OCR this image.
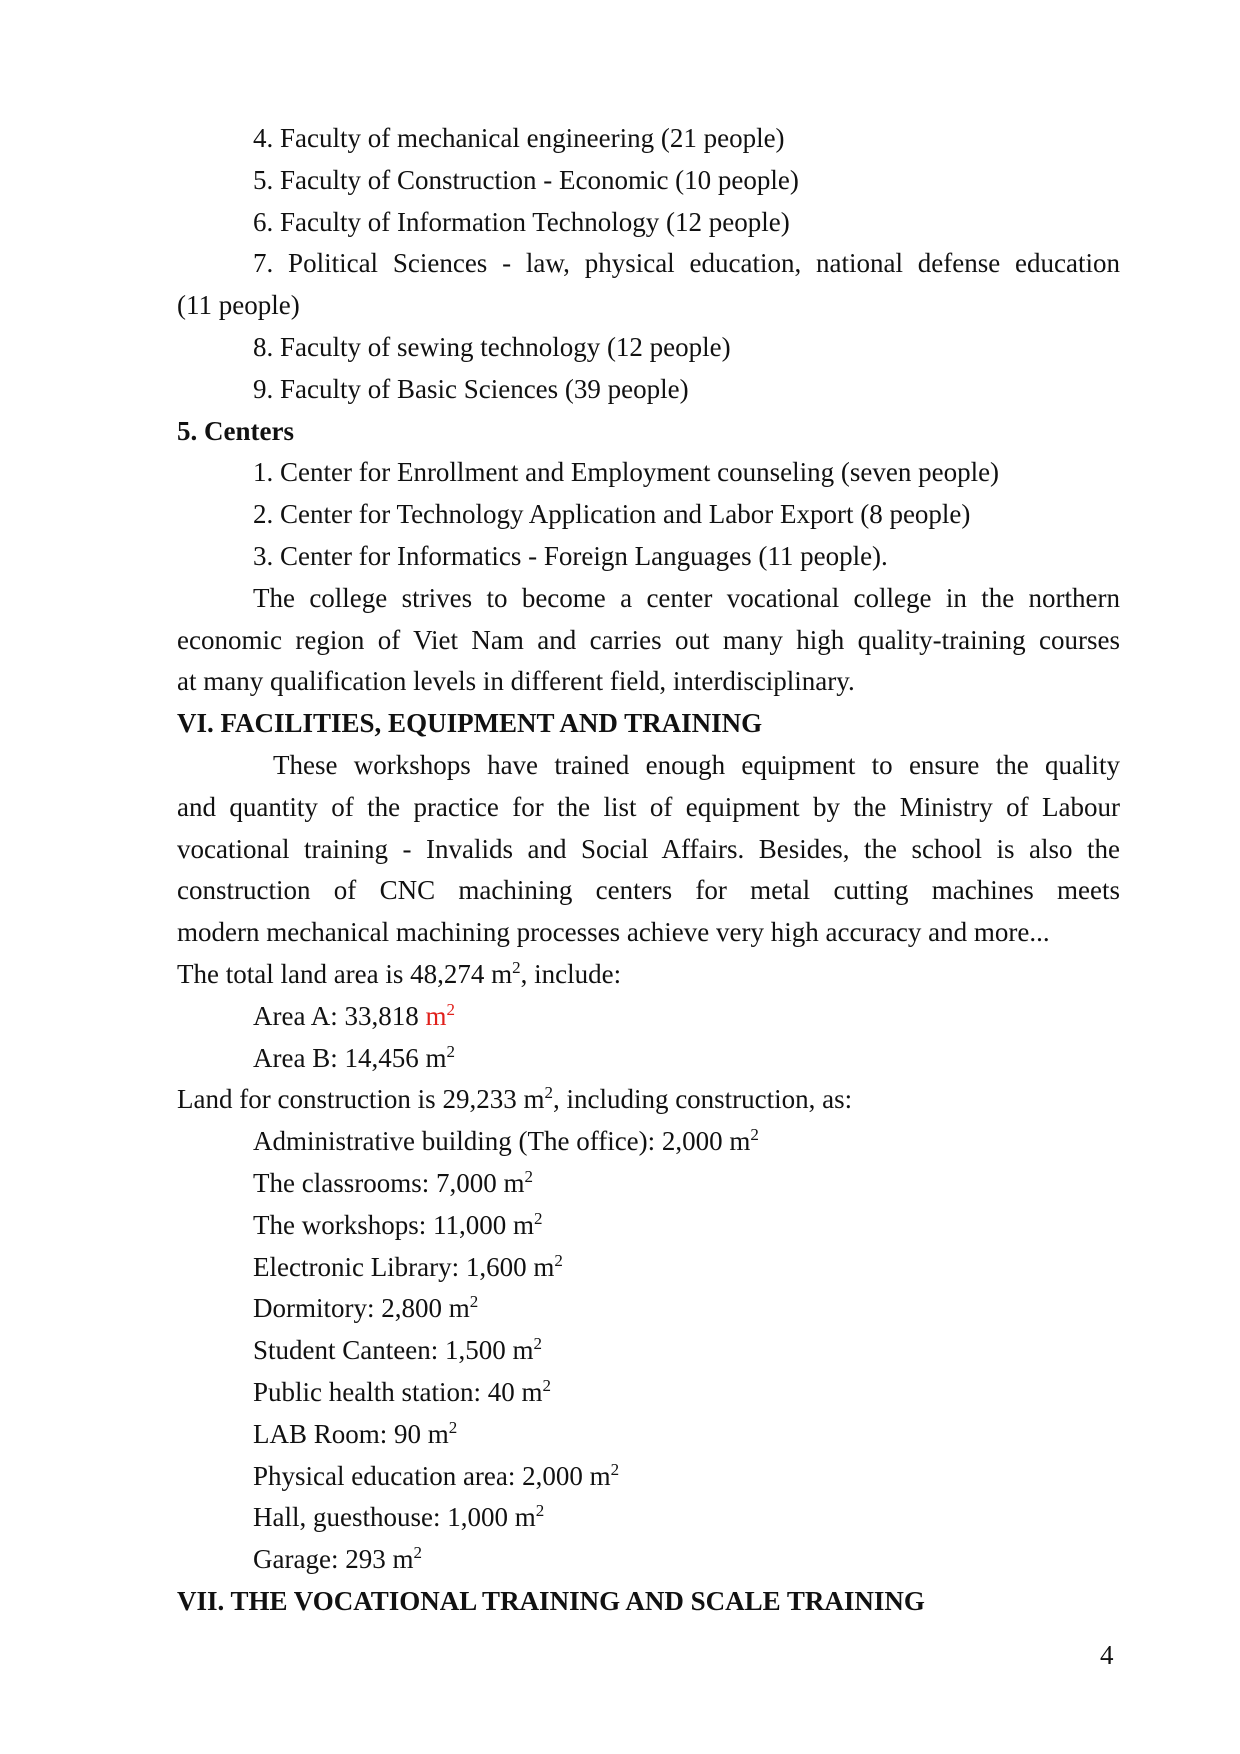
4. Faculty of mechanical engineering (21 people)
5. Faculty of Construction - Economic (10 people)
6. Faculty of Information Technology (12 people)
7. Political Sciences - law, physical education, national defense education
(11 people)
8. Faculty of sewing technology (12 people)
9. Faculty of Basic Sciences (39 people)
5. Centers
1. Center for Enrollment and Employment counseling (seven people)
2. Center for Technology Application and Labor Export (8 people)
3. Center for Informatics - Foreign Languages (11 people).
The college strives to become a center vocational college in the northern
economic region of Viet Nam and carries out many high quality-training courses
at many qualification levels in different field, interdisciplinary.
VI. FACILITIES, EQUIPMENT AND TRAINING
These workshops have trained enough equipment to ensure the quality
and quantity of the practice for the list of equipment by the Ministry of Labour
vocational training - Invalids and Social Affairs. Besides, the school is also the
construction of CNC machining centers for metal cutting machines meets
modern mechanical machining processes achieve very high accuracy and more...
The total land area is 48,274 $m^2$, include:
Area A: 33,818 $m^2$
Area B: 14,456 $m^2$
Land for construction is 29,233 $m^2$, including construction, as:
Administrative building (The office): 2,000 $m^2$
The classrooms: 7,000 $m^2$
The workshops: 11,000 $m^2$
Electronic Library: 1,600 $m^2$
Dormitory: 2,800 $m^2$
Student Canteen: 1,500 $m^2$
Public health station: 40 $m^2$
LAB Room: 90 $m^2$
Physical education area: 2,000 $m^2$
Hall, guesthouse: 1,000 $m^2$
Garage: 293 $m^2$
VII. THE VOCATIONAL TRAINING AND SCALE TRAINING
4
